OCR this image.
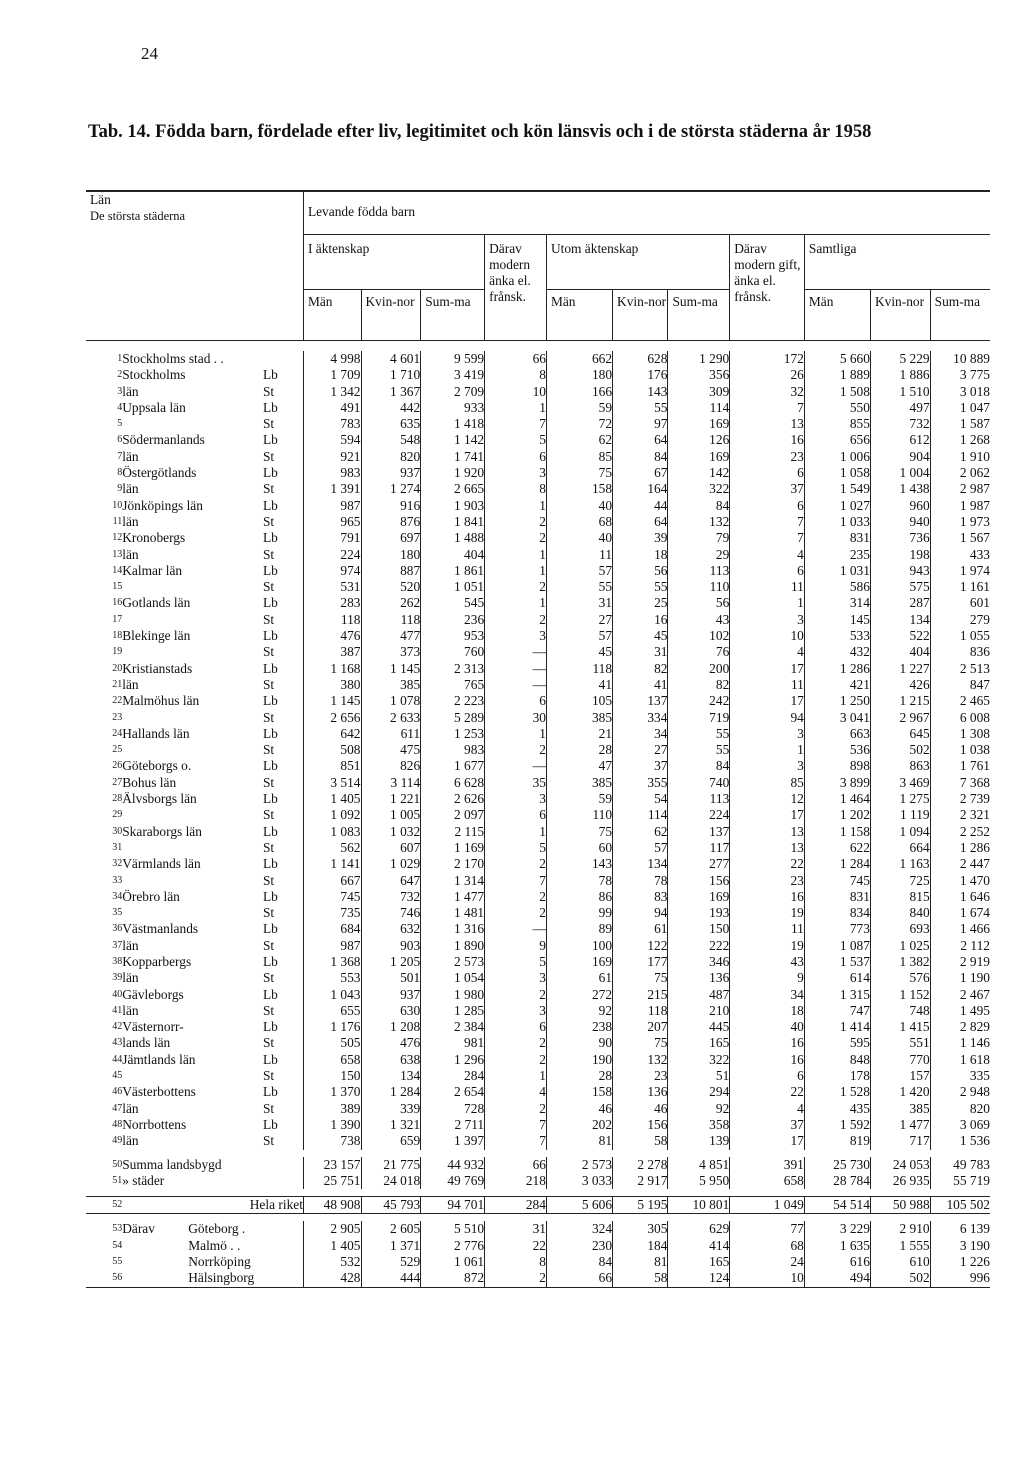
24
Tab. 14. Födda barn, fördelade efter liv, legitimitet och kön länsvis och i de största städerna år 1958
Län
De största städerna			Levande födda barn										
			I äktenskap			Därav modern änka el. frånsk.	Utom äktenskap			Därav modern gift, änka el. frånsk.	Samtliga		
			Män	Kvin-nor	Sum-ma		Män	Kvin-nor	Sum-ma		Män	Kvin-nor	Sum-ma

1	Stockholms stad . .		4 998	4 601	9 599	66	662	628	1 290	172	5 660	5 229	10 889
2	Stockholms	Lb	1 709	1 710	3 419	8	180	176	356	26	1 889	1 886	3 775
3	län	St	1 342	1 367	2 709	10	166	143	309	32	1 508	1 510	3 018
4	Uppsala län	Lb	491	442	933	1	59	55	114	7	550	497	1 047
5		St	783	635	1 418	7	72	97	169	13	855	732	1 587
6	Södermanlands	Lb	594	548	1 142	5	62	64	126	16	656	612	1 268
7	län	St	921	820	1 741	6	85	84	169	23	1 006	904	1 910
8	Östergötlands	Lb	983	937	1 920	3	75	67	142	6	1 058	1 004	2 062
9	län	St	1 391	1 274	2 665	8	158	164	322	37	1 549	1 438	2 987
10	Jönköpings län	Lb	987	916	1 903	1	40	44	84	6	1 027	960	1 987
11	län	St	965	876	1 841	2	68	64	132	7	1 033	940	1 973
12	Kronobergs	Lb	791	697	1 488	2	40	39	79	7	831	736	1 567
13	län	St	224	180	404	1	11	18	29	4	235	198	433
14	Kalmar län	Lb	974	887	1 861	1	57	56	113	6	1 031	943	1 974
15		St	531	520	1 051	2	55	55	110	11	586	575	1 161
16	Gotlands län	Lb	283	262	545	1	31	25	56	1	314	287	601
17		St	118	118	236	2	27	16	43	3	145	134	279
18	Blekinge län	Lb	476	477	953	3	57	45	102	10	533	522	1 055
19		St	387	373	760	—	45	31	76	4	432	404	836
20	Kristianstads	Lb	1 168	1 145	2 313	—	118	82	200	17	1 286	1 227	2 513
21	län	St	380	385	765	—	41	41	82	11	421	426	847
22	Malmöhus län	Lb	1 145	1 078	2 223	6	105	137	242	17	1 250	1 215	2 465
23		St	2 656	2 633	5 289	30	385	334	719	94	3 041	2 967	6 008
24	Hallands län	Lb	642	611	1 253	1	21	34	55	3	663	645	1 308
25		St	508	475	983	2	28	27	55	1	536	502	1 038
26	Göteborgs o.	Lb	851	826	1 677	—	47	37	84	3	898	863	1 761
27	Bohus län	St	3 514	3 114	6 628	35	385	355	740	85	3 899	3 469	7 368
28	Älvsborgs län	Lb	1 405	1 221	2 626	3	59	54	113	12	1 464	1 275	2 739
29		St	1 092	1 005	2 097	6	110	114	224	17	1 202	1 119	2 321
30	Skaraborgs län	Lb	1 083	1 032	2 115	1	75	62	137	13	1 158	1 094	2 252
31		St	562	607	1 169	5	60	57	117	13	622	664	1 286
32	Värmlands län	Lb	1 141	1 029	2 170	2	143	134	277	22	1 284	1 163	2 447
33		St	667	647	1 314	7	78	78	156	23	745	725	1 470
34	Örebro län	Lb	745	732	1 477	2	86	83	169	16	831	815	1 646
35		St	735	746	1 481	2	99	94	193	19	834	840	1 674
36	Västmanlands	Lb	684	632	1 316	—	89	61	150	11	773	693	1 466
37	län	St	987	903	1 890	9	100	122	222	19	1 087	1 025	2 112
38	Kopparbergs	Lb	1 368	1 205	2 573	5	169	177	346	43	1 537	1 382	2 919
39	län	St	553	501	1 054	3	61	75	136	9	614	576	1 190
40	Gävleborgs	Lb	1 043	937	1 980	2	272	215	487	34	1 315	1 152	2 467
41	län	St	655	630	1 285	3	92	118	210	18	747	748	1 495
42	Västernorr-	Lb	1 176	1 208	2 384	6	238	207	445	40	1 414	1 415	2 829
43	lands län	St	505	476	981	2	90	75	165	16	595	551	1 146
44	Jämtlands län	Lb	658	638	1 296	2	190	132	322	16	848	770	1 618
45		St	150	134	284	1	28	23	51	6	178	157	335
46	Västerbottens	Lb	1 370	1 284	2 654	4	158	136	294	22	1 528	1 420	2 948
47	län	St	389	339	728	2	46	46	92	4	435	385	820
48	Norrbottens	Lb	1 390	1 321	2 711	7	202	156	358	37	1 592	1 477	3 069
49	län	St	738	659	1 397	7	81	58	139	17	819	717	1 536

50	Summa landsbygd		23 157	21 775	44 932	66	2 573	2 278	4 851	391	25 730	24 053	49 783
51	» städer		25 751	24 018	49 769	218	3 033	2 917	5 950	658	28 784	26 935	55 719

52	Hela riket		48 908	45 793	94 701	284	5 606	5 195	10 801	1 049	54 514	50 988	105 502

53	Därav Göteborg .		2 905	2 605	5 510	31	324	305	629	77	3 229	2 910	6 139
54	Malmö . .		1 405	1 371	2 776	22	230	184	414	68	1 635	1 555	3 190
55	Norrköping		532	529	1 061	8	84	81	165	24	616	610	1 226
56	Hälsingborg		428	444	872	2	66	58	124	10	494	502	996
